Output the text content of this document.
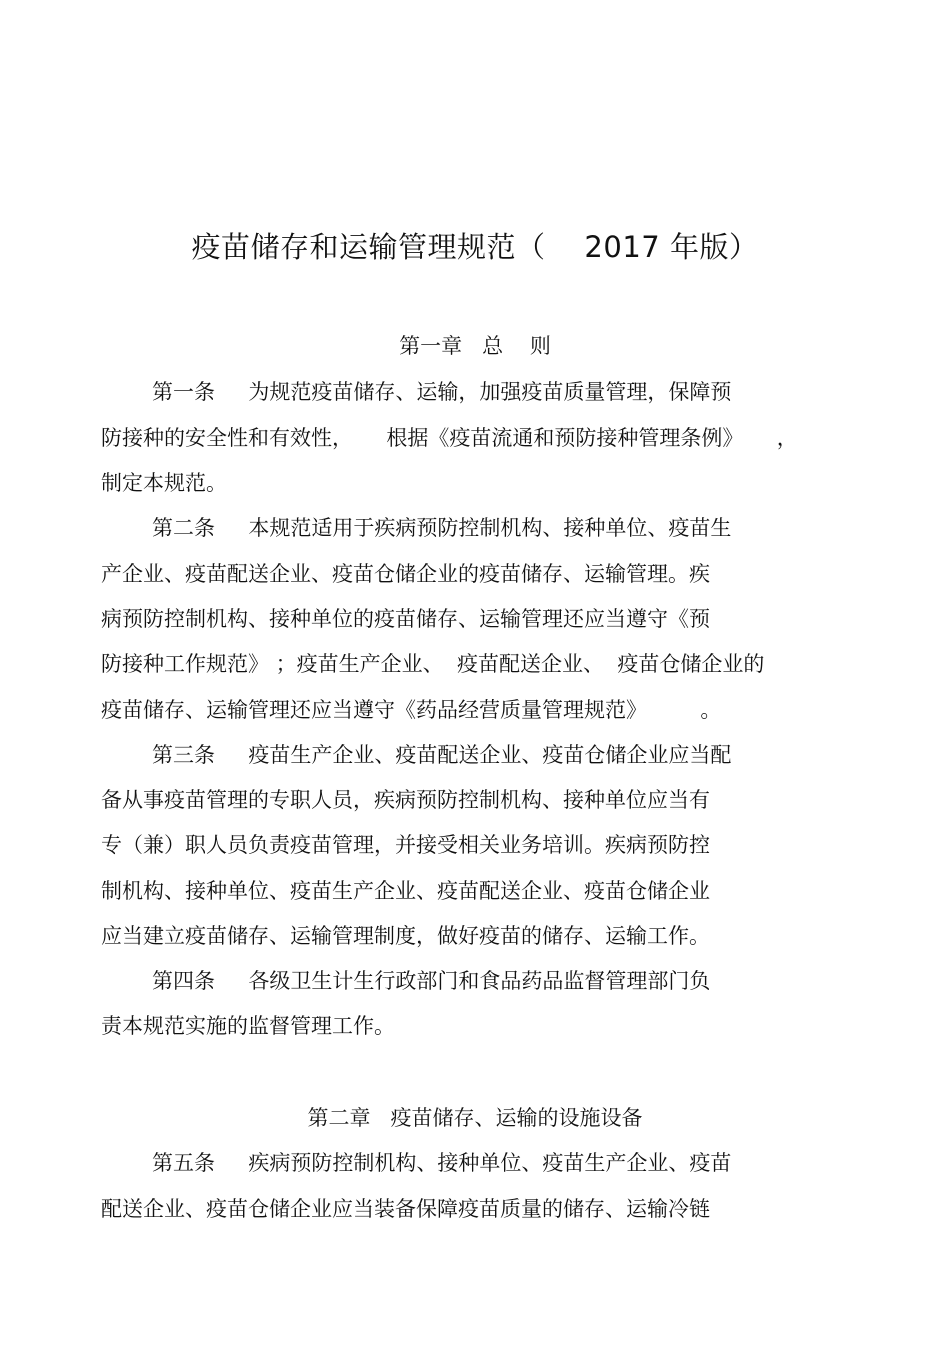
疫苗储存和运输管理规范（    2017 年版）
第一章   总    则
第一条     为规范疫苗储存、运输，加强疫苗质量管理，保障预
防接种的安全性和有效性，     根据《疫苗流通和预防接种管理条例》     ，
制定本规范。
第二条     本规范适用于疾病预防控制机构、接种单位、疫苗生
产企业、疫苗配送企业、疫苗仓储企业的疫苗储存、运输管理。疾
病预防控制机构、接种单位的疫苗储存、运输管理还应当遵守《预
防接种工作规范》 ；疫苗生产企业、  疫苗配送企业、  疫苗仓储企业的
疫苗储存、运输管理还应当遵守《药品经营质量管理规范》        。
第三条     疫苗生产企业、疫苗配送企业、疫苗仓储企业应当配
备从事疫苗管理的专职人员，疾病预防控制机构、接种单位应当有
专（兼）职人员负责疫苗管理，并接受相关业务培训。疾病预防控
制机构、接种单位、疫苗生产企业、疫苗配送企业、疫苗仓储企业
应当建立疫苗储存、运输管理制度，做好疫苗的储存、运输工作。
第四条     各级卫生计生行政部门和食品药品监督管理部门负
责本规范实施的监督管理工作。
第二章   疫苗储存、运输的设施设备
第五条     疾病预防控制机构、接种单位、疫苗生产企业、疫苗
配送企业、疫苗仓储企业应当装备保障疫苗质量的储存、运输冷链
